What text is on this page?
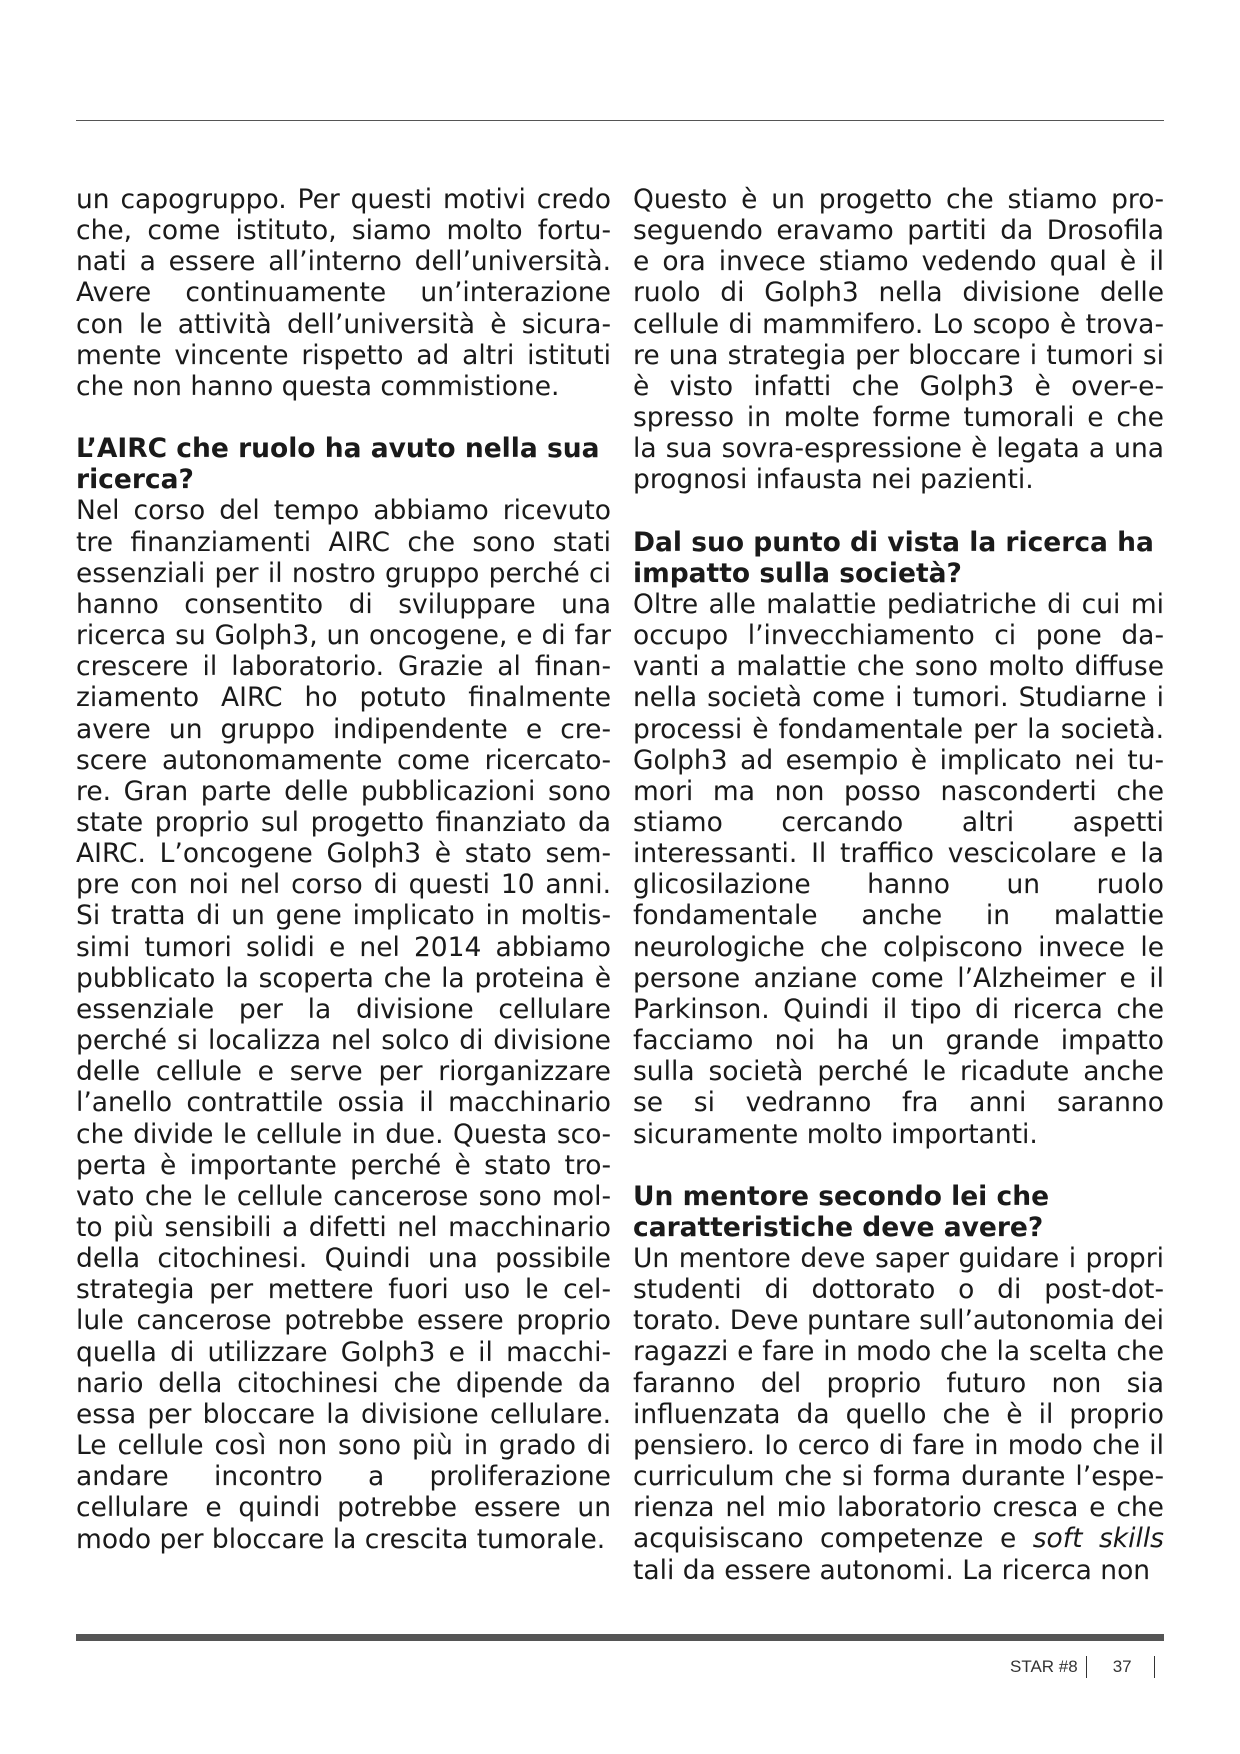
un capogruppo. Per questi motivi credo che, come istituto, siamo molto fortunati a essere all’interno dell’università. Avere continuamente un’interazione con le attività dell’università è sicuramente vincente rispetto ad altri istituti che non hanno questa commistione.

L’AIRC che ruolo ha avuto nella sua ricerca?

Nel corso del tempo abbiamo ricevuto tre finanziamenti AIRC che sono stati essenziali per il nostro gruppo perché ci hanno consentito di sviluppare una ricerca su Golph3, un oncogene, e di far crescere il laboratorio. Grazie al finanziamento AIRC ho potuto finalmente avere un gruppo indipendente e crescere autonomamente come ricercatore. Gran parte delle pubblicazioni sono state proprio sul progetto finanziato da AIRC. L’oncogene Golph3 è stato sempre con noi nel corso di questi 10 anni. Si tratta di un gene implicato in moltissimi tumori solidi e nel 2014 abbiamo pubblicato la scoperta che la proteina è essenziale per la divisione cellulare perché si localizza nel solco di divisione delle cellule e serve per riorganizzare l’anello contrattile ossia il macchinario che divide le cellule in due. Questa scoperta è importante perché è stato trovato che le cellule cancerose sono molto più sensibili a difetti nel macchinario della citochinesi. Quindi una possibile strategia per mettere fuori uso le cellule cancerose potrebbe essere proprio quella di utilizzare Golph3 e il macchinario della citochinesi che dipende da essa per bloccare la divisione cellulare. Le cellule così non sono più in grado di andare incontro a proliferazione cellulare e quindi potrebbe essere un modo per bloccare la crescita tumorale.

Questo è un progetto che stiamo proseguendo eravamo partiti da Drosofila e ora invece stiamo vedendo qual è il ruolo di Golph3 nella divisione delle cellule di mammifero. Lo scopo è trovare una strategia per bloccare i tumori si è visto infatti che Golph3 è over-espresso in molte forme tumorali e che la sua sovra-espressione è legata a una prognosi infausta nei pazienti.

Dal suo punto di vista la ricerca ha impatto sulla società?

Oltre alle malattie pediatriche di cui mi occupo l’invecchiamento ci pone davanti a malattie che sono molto diffuse nella società come i tumori. Studiarne i processi è fondamentale per la società. Golph3 ad esempio è implicato nei tumori ma non posso nasconderti che stiamo cercando altri aspetti interessanti. Il traffico vescicolare e la glicosilazione hanno un ruolo fondamentale anche in malattie neurologiche che colpiscono invece le persone anziane come l’Alzheimer e il Parkinson. Quindi il tipo di ricerca che facciamo noi ha un grande impatto sulla società perché le ricadute anche se si vedranno fra anni saranno sicuramente molto importanti.

Un mentore secondo lei che caratteristiche deve avere?

Un mentore deve saper guidare i propri studenti di dottorato o di post-dottorato. Deve puntare sull’autonomia dei ragazzi e fare in modo che la scelta che faranno del proprio futuro non sia influenzata da quello che è il proprio pensiero. Io cerco di fare in modo che il curriculum che si forma durante l’esperienza nel mio laboratorio cresca e che acquisiscano competenze e soft skills tali da essere autonomi. La ricerca non

STAR #8 37
